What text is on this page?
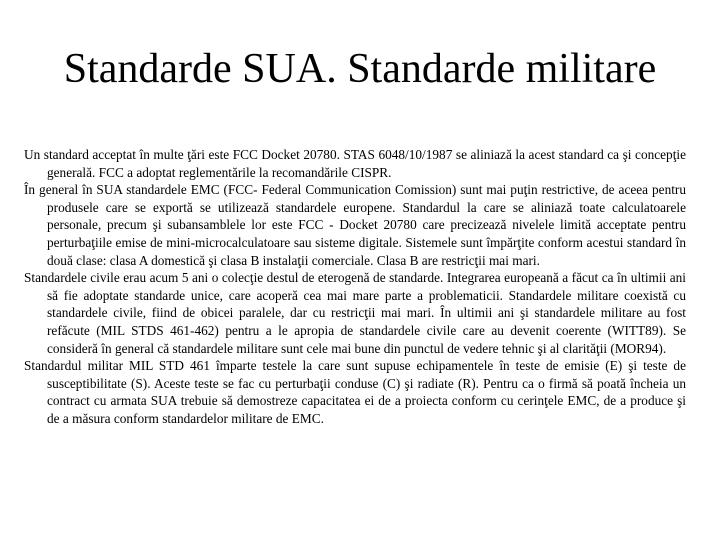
Standarde SUA. Standarde militare
Un standard acceptat în multe ţări este FCC Docket 20780. STAS 6048/10/1987 se aliniază la acest standard ca şi concepţie generală. FCC a adoptat reglementările la recomandările CISPR.
În general în SUA standardele EMC (FCC- Federal Communication Comission) sunt mai puţin restrictive, de aceea pentru produsele care se exportă se utilizează standardele europene. Standardul la care se aliniază toate calculatoarele personale, precum şi subansamblele lor este FCC - Docket 20780 care precizează nivelele limită acceptate pentru perturbaţiile emise de mini-microcalculatoare sau sisteme digitale. Sistemele sunt împărţite conform acestui standard în două clase: clasa A domestică şi clasa B instalaţii comerciale. Clasa B are restricţii mai mari.
Standardele civile erau acum 5 ani o colecţie destul de eterogenă de standarde. Integrarea europeană a făcut ca în ultimii ani să fie adoptate standarde unice, care acoperă cea mai mare parte a problematicii. Standardele militare coexistă cu standardele civile, fiind de obicei paralele, dar cu restricţii mai mari. În ultimii ani şi standardele militare au fost refăcute (MIL STDS 461-462) pentru a le apropia de standardele civile care au devenit coerente (WITT89). Se consideră în general că standardele militare sunt cele mai bune din punctul de vedere tehnic şi al clarităţii (MOR94).
Standardul militar MIL STD 461 împarte testele la care sunt supuse echipamentele în teste de emisie (E) şi teste de susceptibilitate (S). Aceste teste se fac cu perturbaţii conduse (C) şi radiate (R). Pentru ca o firmă să poată încheia un contract cu armata SUA trebuie să demostreze capacitatea ei de a proiecta conform cu cerinţele EMC, de a produce şi de a măsura conform standardelor militare de EMC.
